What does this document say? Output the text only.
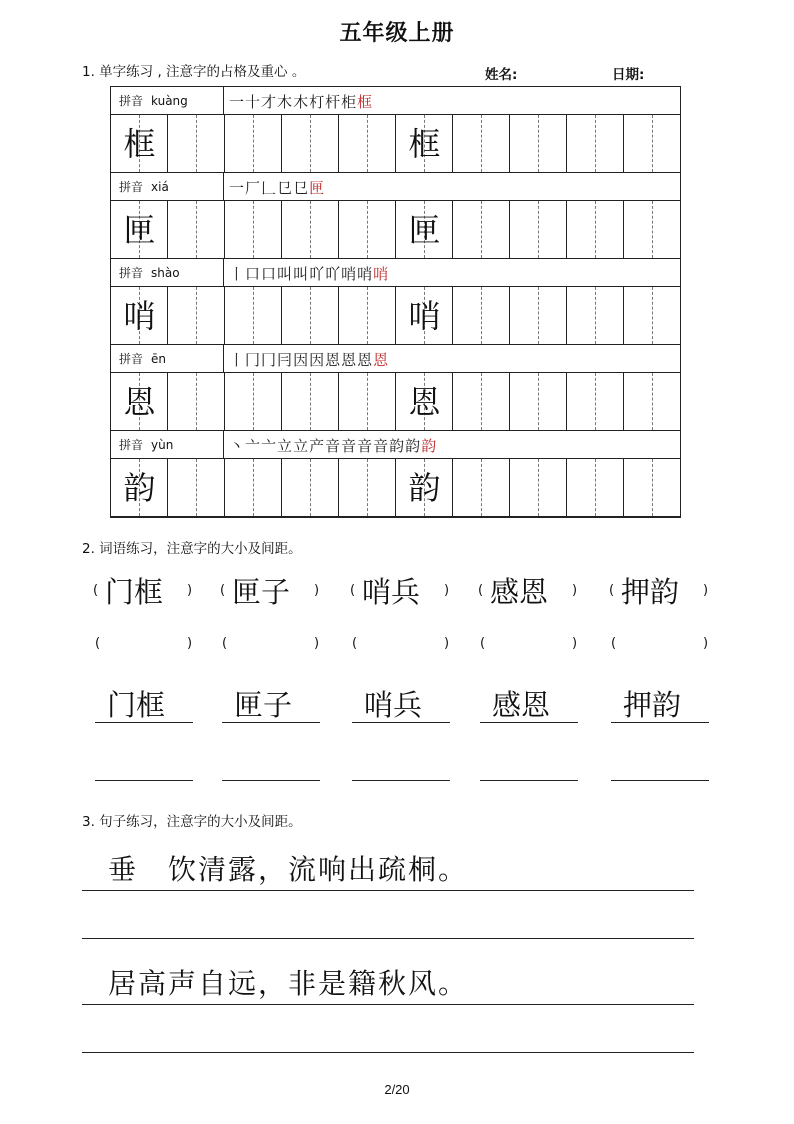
五年级上册
1. 单字练习 , 注意字的占格及重心 。	姓名:	日期:
拼音 kuàng	一十才木木朾杆柜框
框	框
拼音 xiá	一厂𠃊㔾㔾匣
匣	匣
拼音 shào	丨口口叫叫吖吖哨哨哨
哨	哨
拼音 ēn	丨冂冂冃因因恩恩恩恩
恩	恩
拼音 yùn	丶亠亠立立产音音音音韵韵韵
韵	韵
2. 词语练习，注意字的大小及间距。
( 门框 )
(	)
门框
( 匣子 )
(	)
匣子
( 哨兵 )
(	)
哨兵
( 感恩 )
(	)
感恩
( 押韵 )
(	)
押韵
3. 句子练习，注意字的大小及间距。
垂　饮清露，流响出疏桐。
居高声自远，非是籍秋风。
2/20
